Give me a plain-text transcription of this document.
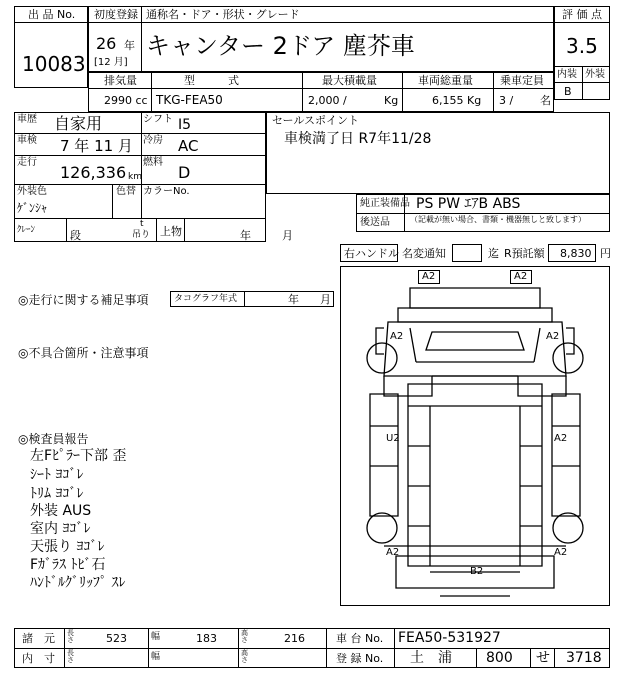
出 品 No.
10083
初度登録 通称名・ドア・形状・グレード
26 年
[12 月]
キャンター 2ドア 塵芥車
評 価 点
3.5
内装 外装
B
排気量	型　　　式	最大積載量	車両総重量 乗車定員
2990 cc TKG-FEA50	2,000 /	Kg	6,155 Kg 3 / 名
車歴 自家用	シフト I5
車検 7 年 11 月 冷房 AC
走行
126,336 km
燃料
D
外装色
ｹﾞﾝｼｬ
色替 カラーNo.
ｸﾚｰﾝ	段
t
吊り 上物	年	月
セールスポイント
車検満了日 R7年11/28
純正装備品 PS PW ｴｱB ABS
後送品	（記載が無い場合、書類・機器無しと致します）
右ハンドル 名変通知	迄 R預託額 8,830 円
◎走行に関する補足事項	タコグラフ年式	年 月
◎不具合箇所・注意事項
◎検査員報告
左Fﾋﾟﾗｰ下部 歪
ｼｰﾄ ﾖｺﾞﾚ
ﾄﾘﾑ ﾖｺﾞﾚ
外装 AUS
室内 ﾖｺﾞﾚ
天張り ﾖｺﾞﾚ
Fｶﾞﾗｽ ﾄﾋﾞ石
ﾊﾝﾄﾞﾙｸﾞﾘｯﾌﾟ ｽﾚ
A2	A2
A2	A2
U2	A2
A2	A2
B2
諸　元
内　寸
長さ	523	幅	183	高さ	216	車 台 No. FEA50-531927
登 録 No. 土　浦 800 せ 3718
長さ	幅	高さ
